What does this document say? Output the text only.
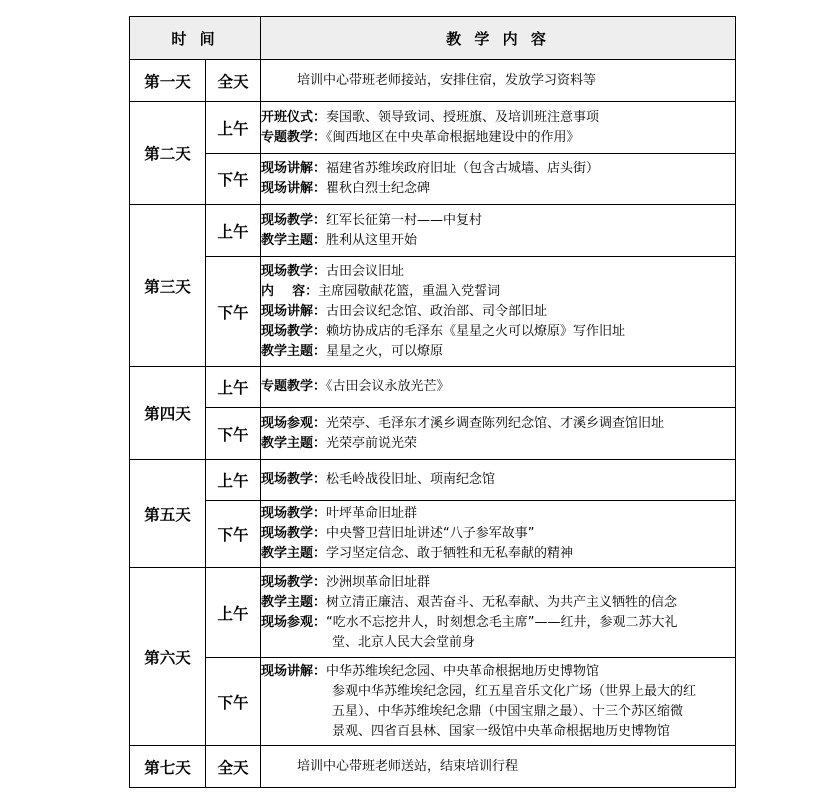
时 间		教 学 内 容
第一天	全天	培训中心带班老师接站，安排住宿，发放学习资料等
第二天	上午	开班仪式：奏国歌、领导致词、授班旗、及培训班注意事项
专题教学：《闽西地区在中央革命根据地建设中的作用》

	下午	现场讲解：福建省苏维埃政府旧址（包含古城墙、店头街）
现场讲解：瞿秋白烈士纪念碑

第三天	上午	现场教学：红军长征第一村——中复村
教学主题：胜利从这里开始

	下午	现场教学：古田会议旧址
内    容：主席园敬献花篮，重温入党誓词
现场讲解：古田会议纪念馆、政治部、司令部旧址
现场教学：赖坊协成店的毛泽东《星星之火可以燎原》写作旧址
教学主题：星星之火，可以燎原

第四天	上午	专题教学：《古田会议永放光芒》

	下午	现场参观：光荣亭、毛泽东才溪乡调查陈列纪念馆、才溪乡调查馆旧址
教学主题：光荣亭前说光荣

第五天	上午	现场教学：松毛岭战役旧址、项南纪念馆

	下午	现场教学：叶坪革命旧址群
现场教学：中央警卫营旧址讲述“八子参军故事”
教学主题：学习坚定信念、敢于牺牲和无私奉献的精神

第六天	上午	现场教学：沙洲坝革命旧址群
教学主题：树立清正廉洁、艰苦奋斗、无私奉献、为共产主义牺牲的信念
现场参观：“吃水不忘挖井人，时刻想念毛主席”——红井，参观二苏大礼
堂、北京人民大会堂前身

	下午	现场讲解：中华苏维埃纪念园、中央革命根据地历史博物馆
参观中华苏维埃纪念园，红五星音乐文化广场（世界上最大的红
五星）、中华苏维埃纪念鼎（中国宝鼎之最）、十三个苏区缩微
景观、四省百县林、国家一级馆中央革命根据地历史博物馆

第七天	全天	培训中心带班老师送站，结束培训行程
